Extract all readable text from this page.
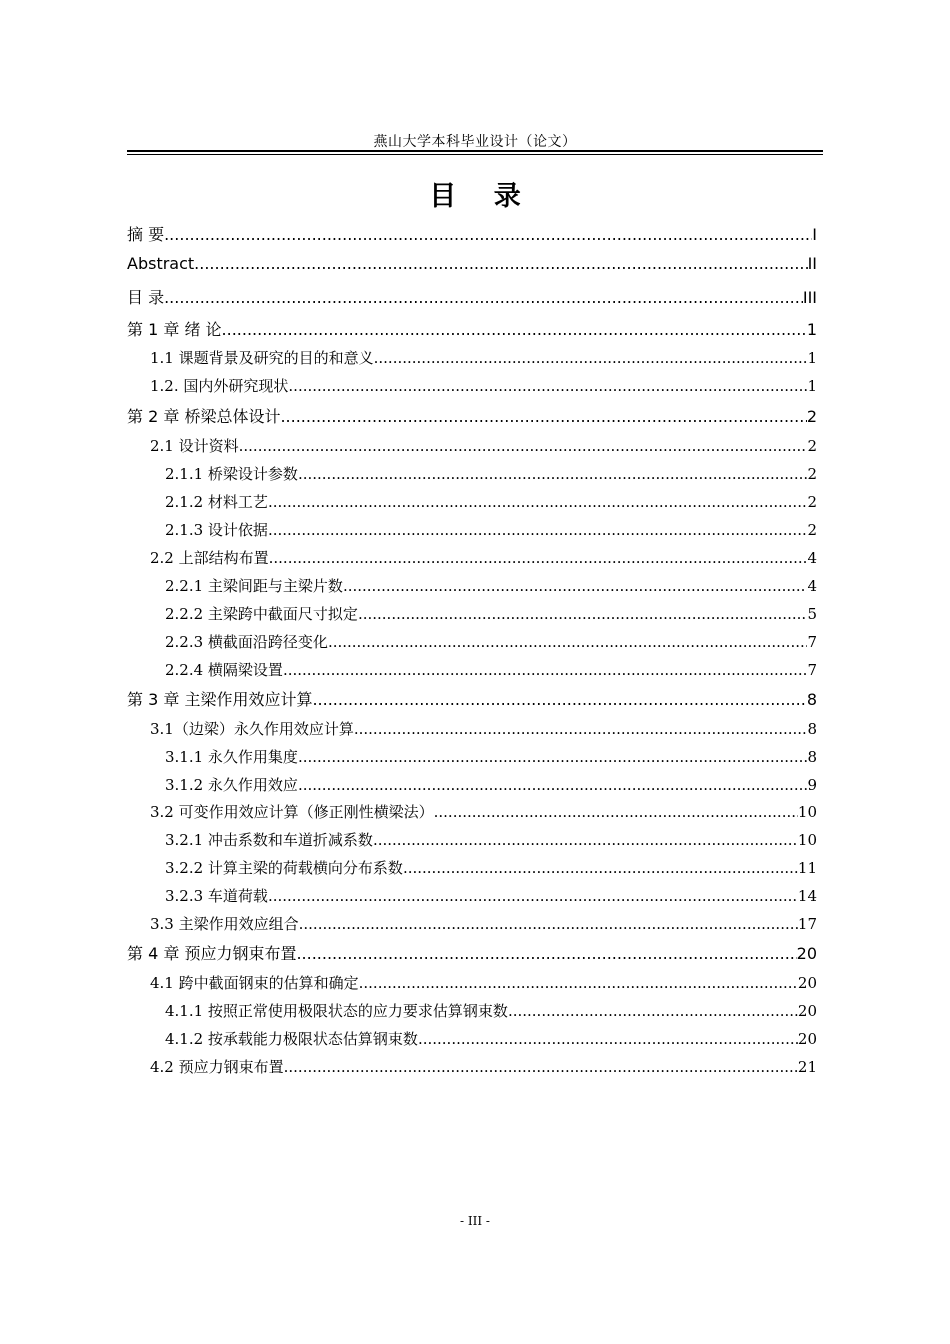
燕山大学本科毕业设计（论文）
目 录
摘 要 .....	I
Abstract .....	II
目 录 .....	III
第 1 章 绪 论 .....	1
1.1 课题背景及研究的目的和意义 .....	1
1.2. 国内外研究现状 .....	1
第 2 章 桥梁总体设计 .....	2
2.1 设计资料 .....	2
2.1.1 桥梁设计参数 .....	2
2.1.2 材料工艺 .....	2
2.1.3 设计依据 .....	2
2.2 上部结构布置 .....	4
2.2.1 主梁间距与主梁片数 .....	4
2.2.2 主梁跨中截面尺寸拟定 .....	5
2.2.3 横截面沿跨径变化 .....	7
2.2.4 横隔梁设置 .....	7
第 3 章 主梁作用效应计算 .....	8
3.1（边梁）永久作用效应计算 .....	8
3.1.1 永久作用集度 .....	8
3.1.2 永久作用效应 .....	9
3.2 可变作用效应计算（修正刚性横梁法） .....	10
3.2.1 冲击系数和车道折减系数 .....	10
3.2.2 计算主梁的荷载横向分布系数 .....	11
3.2.3 车道荷载 .....	14
3.3 主梁作用效应组合 .....	17
第 4 章 预应力钢束布置 .....	20
4.1 跨中截面钢束的估算和确定 .....	20
4.1.1 按照正常使用极限状态的应力要求估算钢束数 .....	20
4.1.2 按承载能力极限状态估算钢束数 .....	20
4.2 预应力钢束布置 .....	21
- III -
